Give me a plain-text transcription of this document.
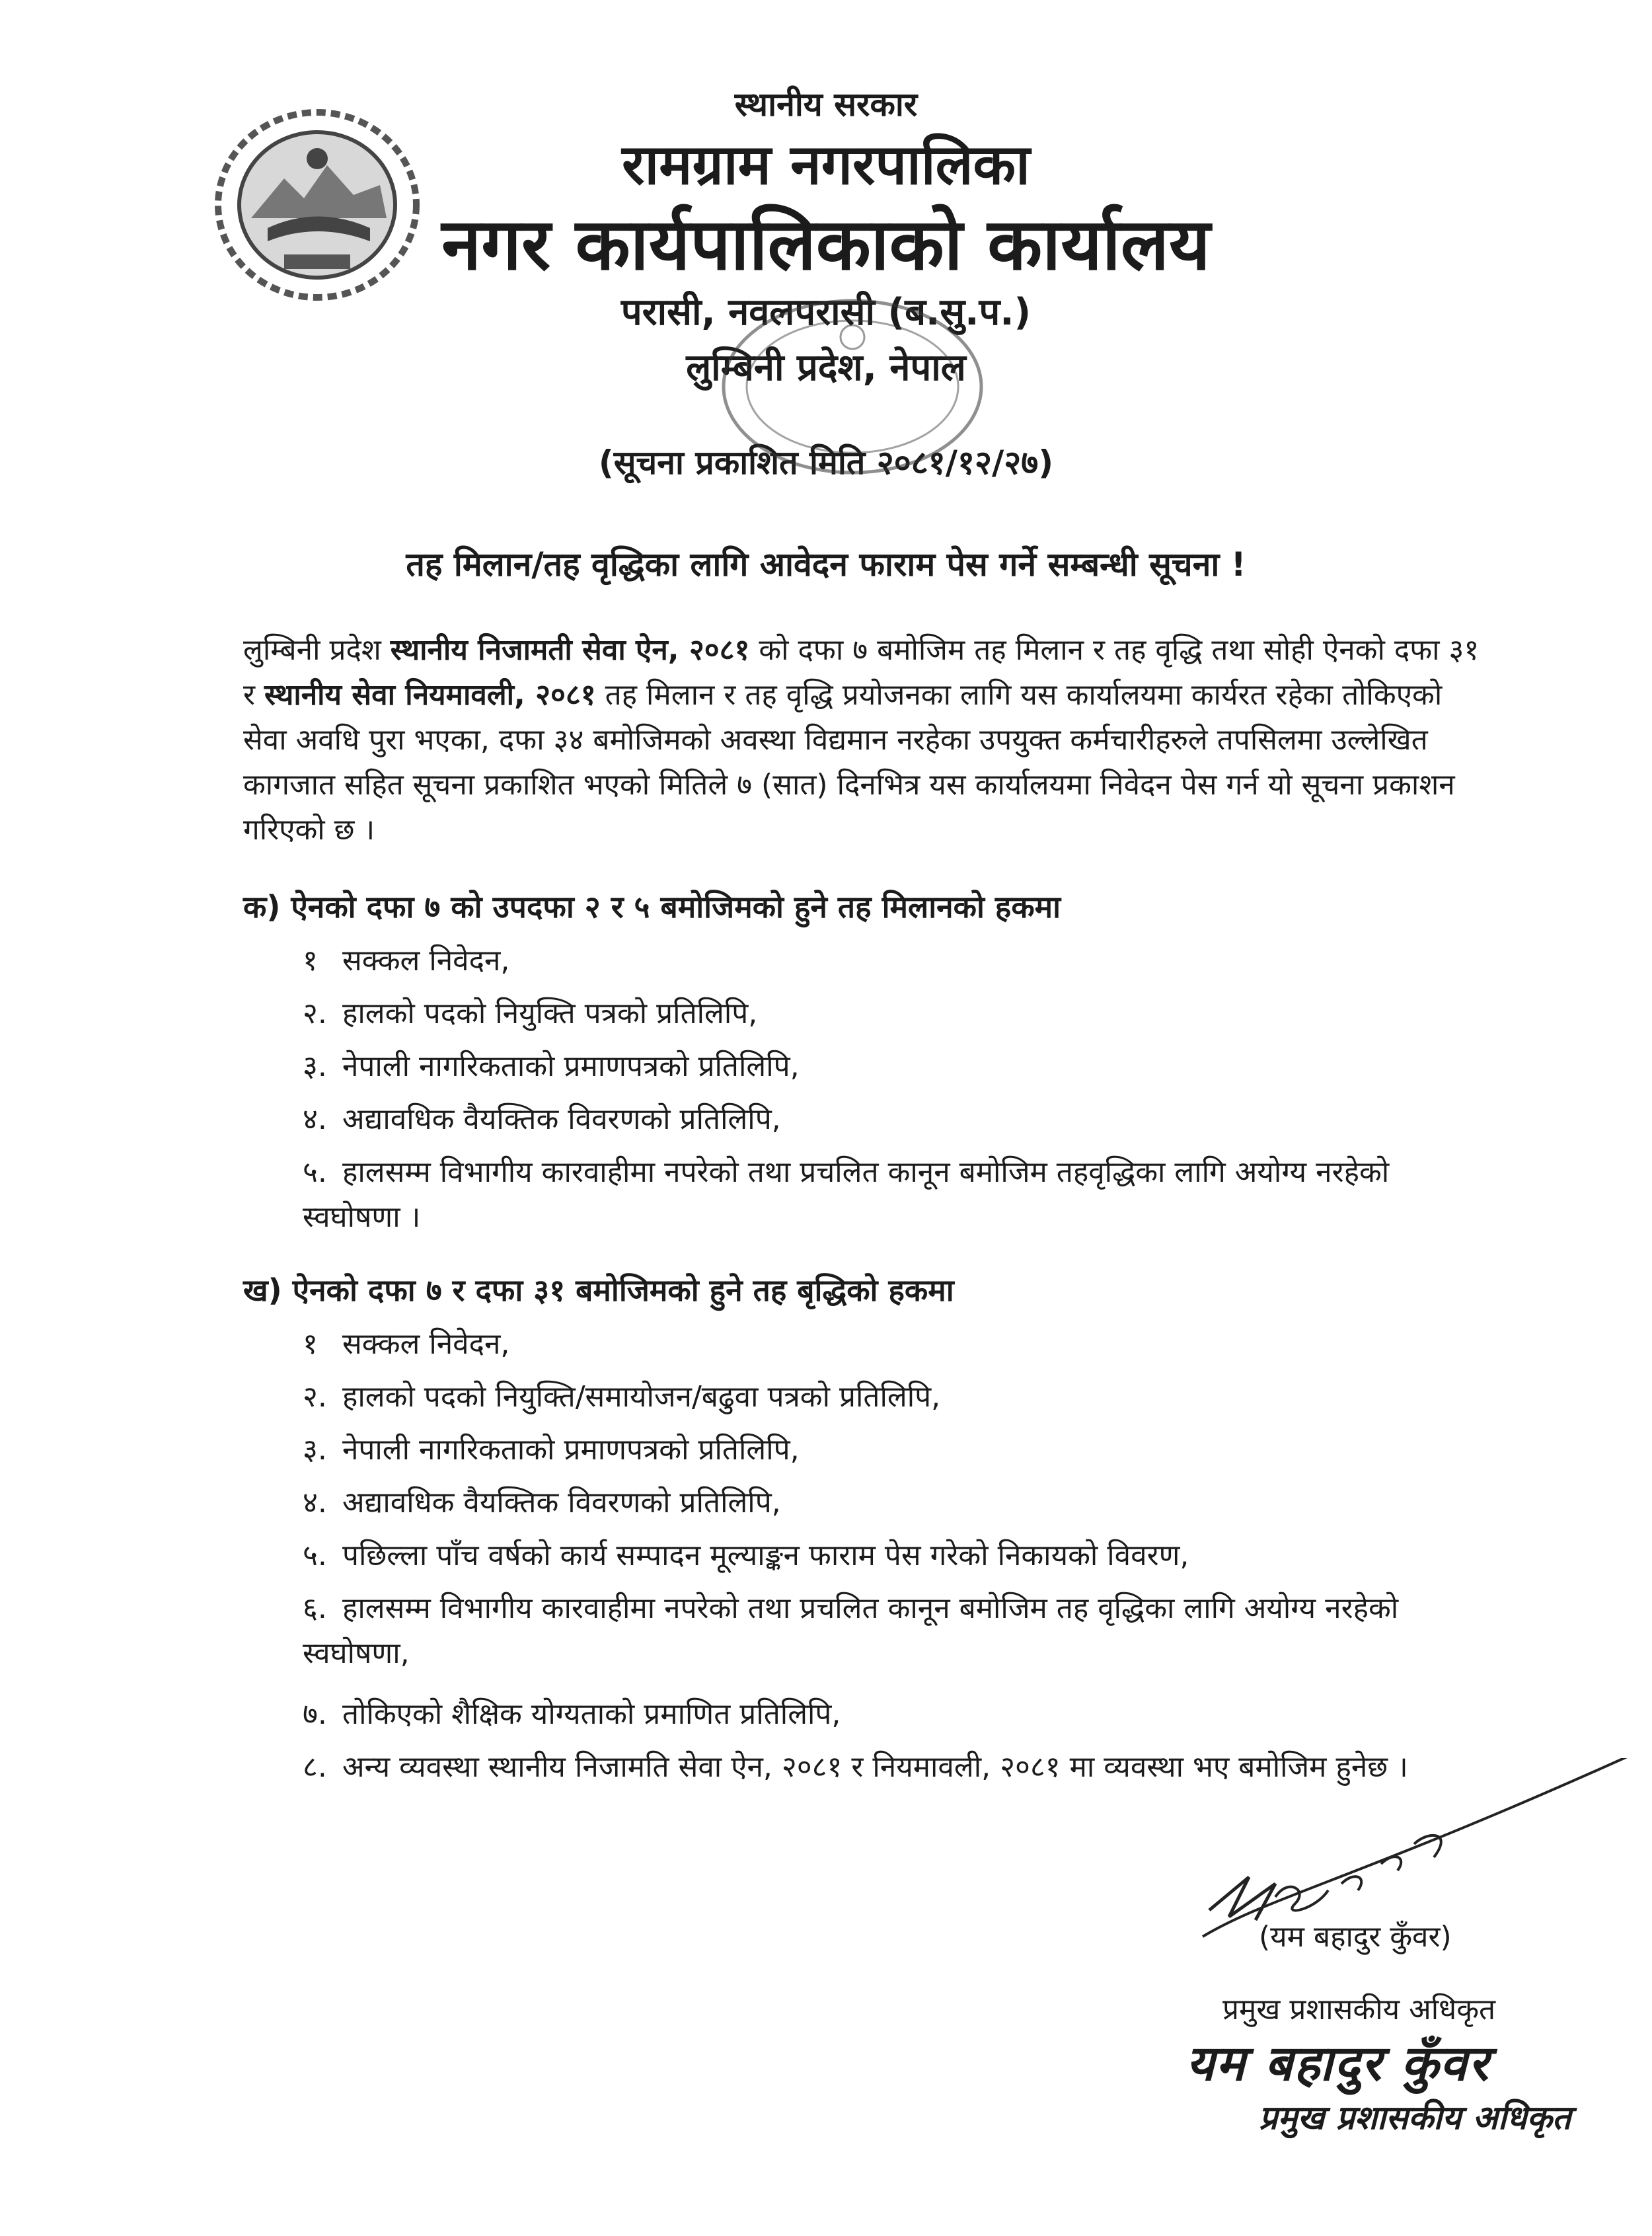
स्थानीय सरकार
रामग्राम नगरपालिका
नगर कार्यपालिकाको कार्यालय
परासी, नवलपरासी (ब.सु.प.)
लुम्बिनी प्रदेश, नेपाल
(सूचना प्रकाशित मिति २०८१/१२/२७)
तह मिलान/तह वृद्धिका लागि आवेदन फाराम पेस गर्ने सम्बन्धी सूचना !
लुम्बिनी प्रदेश स्थानीय निजामती सेवा ऐन, २०८१ को दफा ७ बमोजिम तह मिलान र तह वृद्धि तथा सोही ऐनको दफा ३१ र स्थानीय सेवा नियमावली, २०८१ तह मिलान र तह वृद्धि प्रयोजनका लागि यस कार्यालयमा कार्यरत रहेका तोकिएको सेवा अवधि पुरा भएका, दफा ३४ बमोजिमको अवस्था विद्यमान नरहेका उपयुक्त कर्मचारीहरुले तपसिलमा उल्लेखित कागजात सहित सूचना प्रकाशित भएको मितिले ७ (सात) दिनभित्र यस कार्यालयमा निवेदन पेस गर्न यो सूचना प्रकाशन गरिएको छ ।
क) ऐनको दफा ७ को उपदफा २ र ५ बमोजिमको हुने तह मिलानको हकमा
१ सक्कल निवेदन,
२. हालको पदको नियुक्ति पत्रको प्रतिलिपि,
३. नेपाली नागरिकताको प्रमाणपत्रको प्रतिलिपि,
४. अद्यावधिक वैयक्तिक विवरणको प्रतिलिपि,
५. हालसम्म विभागीय कारवाहीमा नपरेको तथा प्रचलित कानून बमोजिम तहवृद्धिका लागि अयोग्य नरहेको स्वघोषणा ।
ख) ऐनको दफा ७ र दफा ३१ बमोजिमको हुने तह बृद्धिको हकमा
१ सक्कल निवेदन,
२. हालको पदको नियुक्ति/समायोजन/बढुवा पत्रको प्रतिलिपि,
३. नेपाली नागरिकताको प्रमाणपत्रको प्रतिलिपि,
४. अद्यावधिक वैयक्तिक विवरणको प्रतिलिपि,
५. पछिल्ला पाँच वर्षको कार्य सम्पादन मूल्याङ्कन फाराम पेस गरेको निकायको विवरण,
६. हालसम्म विभागीय कारवाहीमा नपरेको तथा प्रचलित कानून बमोजिम तह वृद्धिका लागि अयोग्य नरहेको स्वघोषणा,
७. तोकिएको शैक्षिक योग्यताको प्रमाणित प्रतिलिपि,
८. अन्य व्यवस्था स्थानीय निजामति सेवा ऐन, २०८१ र नियमावली, २०८१ मा व्यवस्था भए बमोजिम हुनेछ ।
(यम बहादुर कुँवर)
प्रमुख प्रशासकीय अधिकृत
यम बहादुर कुँवर
प्रमुख प्रशासकीय अधिकृत
